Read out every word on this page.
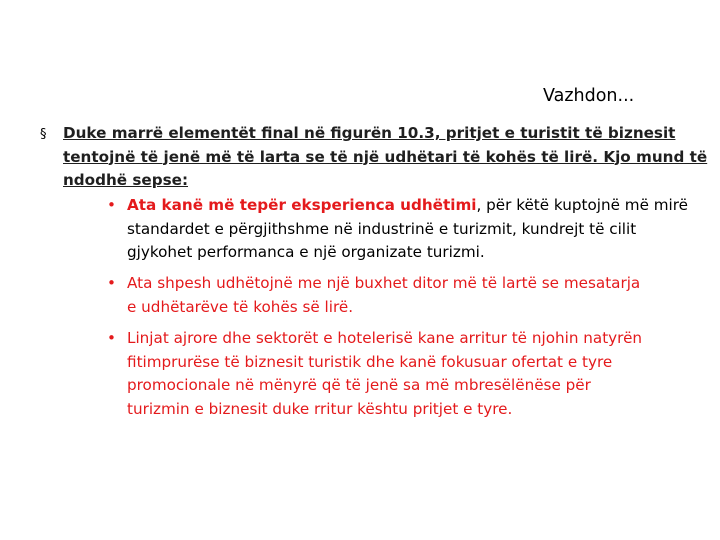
Vazhdon...
§ Duke marrë elementët final në figurën 10.3, pritjet e turistit të biznesit
tentojnë të jenë më të larta se të një udhëtari të kohës të lirë. Kjo mund të
ndodhë sepse:
• Ata kanë më tepër eksperienca udhëtimi, për këtë kuptojnë më mirë
standardet e përgjithshme në industrinë e turizmit, kundrejt të cilit
gjykohet performanca e një organizate turizmi.
• Ata shpesh udhëtojnë me një buxhet ditor më të lartë se mesatarja
e udhëtarëve të kohës së lirë.
• Linjat ajrore dhe sektorët e hotelerisë kane arritur të njohin natyrën
fitimprurëse të biznesit turistik dhe kanë fokusuar ofertat e tyre
promocionale në mënyrë që të jenë sa më mbresëlënëse për
turizmin e biznesit duke rritur kështu pritjet e tyre.
